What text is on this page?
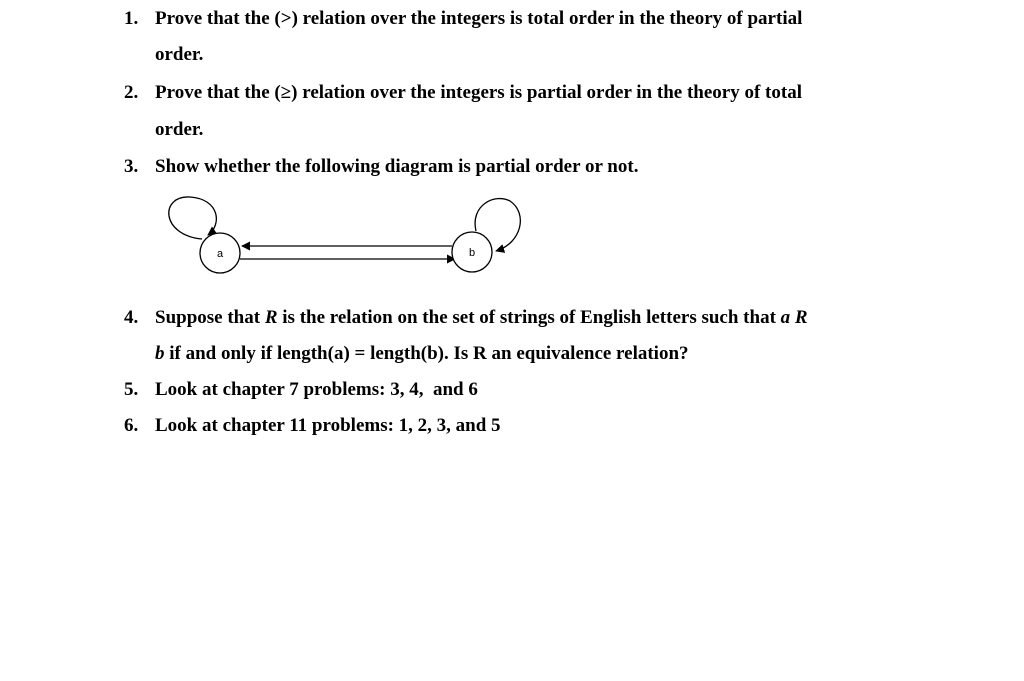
1. Prove that the (>) relation over the integers is total order in the theory of partial
order.
2. Prove that the (≥) relation over the integers is partial order in the theory of total
order.
3. Show whether the following diagram is partial order or not.
a	b
4. Suppose that R is the relation on the set of strings of English letters such that a R
b if and only if length(a) = length(b). Is R an equivalence relation?
5. Look at chapter 7 problems: 3, 4,  and 6
6. Look at chapter 11 problems: 1, 2, 3, and 5
